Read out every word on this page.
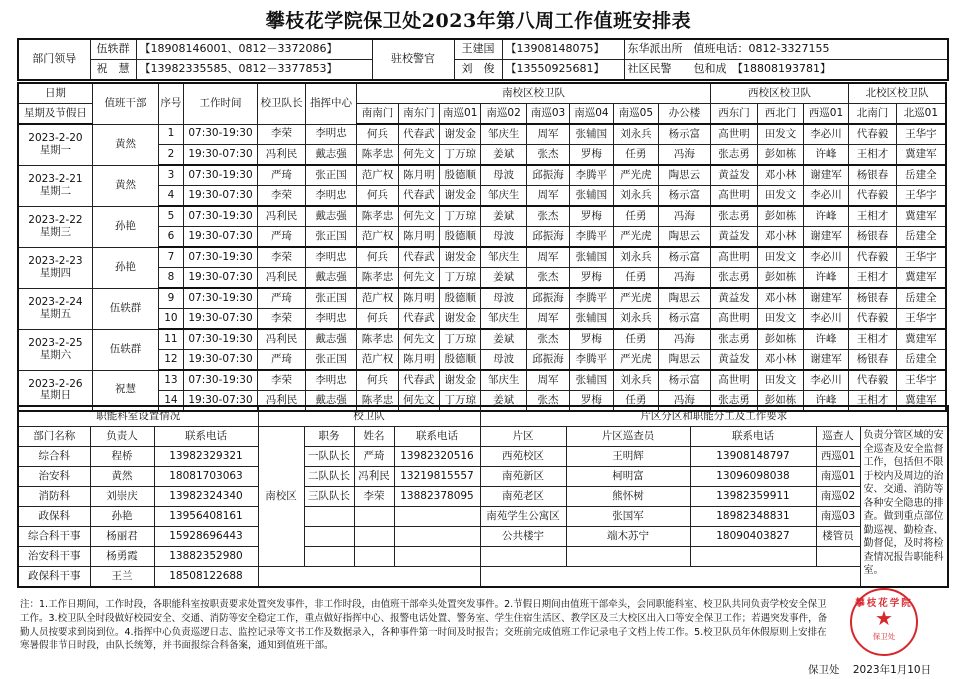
攀枝花学院保卫处2023年第八周工作值班安排表
部门领导	伍轶群	【18908146001、0812－3372086】	驻校警官	王建国	【13908148075】	东华派出所　值班电话：0812-3327155
	祝　慧	【13982335585、0812－3377853】		刘　俊	【13550925681】	社区民警　　包和成　【18808193781】
日期	值班干部	序号	工作时间	校卫队长	指挥中心	南校区校卫队								西校区校卫队			北校区校卫队	
星期及节假日						南南门	南东门	南巡01	南巡02	南巡03	南巡04	南巡05	办公楼	西东门	西北门	西巡01	北南门	北巡01

2023-2-20
星期一	黄然	1	07:30-19:30	李荣	李明忠	何兵	代春武	谢发金	邹庆生	周军	张辅国	刘永兵	杨示富	高世明	田发文	李必川	代春毅	王华宇
		2	19:30-07:30	冯利民	戴志强	陈孝忠	何先文	丁万琼	姜斌	张杰	罗梅	任勇	冯海	张志勇	彭如栋	许峰	王相才	冀建军

2023-2-21
星期二	黄然	3	07:30-19:30	严琦	张正国	范广权	陈月明	殷德顺	母波	邱振海	李腾平	严光虎	陶思云	黄益发	邓小林	谢建军	杨银春	岳建全
		4	19:30-07:30	李荣	李明忠	何兵	代春武	谢发金	邹庆生	周军	张辅国	刘永兵	杨示富	高世明	田发文	李必川	代春毅	王华宇

2023-2-22
星期三	孙艳	5	07:30-19:30	冯利民	戴志强	陈孝忠	何先文	丁万琼	姜斌	张杰	罗梅	任勇	冯海	张志勇	彭如栋	许峰	王相才	冀建军
		6	19:30-07:30	严琦	张正国	范广权	陈月明	殷德顺	母波	邱振海	李腾平	严光虎	陶思云	黄益发	邓小林	谢建军	杨银春	岳建全

2023-2-23
星期四	孙艳	7	07:30-19:30	李荣	李明忠	何兵	代春武	谢发金	邹庆生	周军	张辅国	刘永兵	杨示富	高世明	田发文	李必川	代春毅	王华宇
		8	19:30-07:30	冯利民	戴志强	陈孝忠	何先文	丁万琼	姜斌	张杰	罗梅	任勇	冯海	张志勇	彭如栋	许峰	王相才	冀建军

2023-2-24
星期五	伍轶群	9	07:30-19:30	严琦	张正国	范广权	陈月明	殷德顺	母波	邱振海	李腾平	严光虎	陶思云	黄益发	邓小林	谢建军	杨银春	岳建全
		10	19:30-07:30	李荣	李明忠	何兵	代春武	谢发金	邹庆生	周军	张辅国	刘永兵	杨示富	高世明	田发文	李必川	代春毅	王华宇

2023-2-25
星期六	伍轶群	11	07:30-19:30	冯利民	戴志强	陈孝忠	何先文	丁万琼	姜斌	张杰	罗梅	任勇	冯海	张志勇	彭如栋	许峰	王相才	冀建军
		12	19:30-07:30	严琦	张正国	范广权	陈月明	殷德顺	母波	邱振海	李腾平	严光虎	陶思云	黄益发	邓小林	谢建军	杨银春	岳建全

2023-2-26
星期日	祝慧	13	07:30-19:30	李荣	李明忠	何兵	代春武	谢发金	邹庆生	周军	张辅国	刘永兵	杨示富	高世明	田发文	李必川	代春毅	王华宇
		14	19:30-07:30	冯利民	戴志强	陈孝忠	何先文	丁万琼	姜斌	张杰	罗梅	任勇	冯海	张志勇	彭如栋	许峰	王相才	冀建军
职能科室设置情况			校卫队				片区分区和职能分工及工作要求				
部门名称	负责人	联系电话	南校区	职务	姓名	联系电话	片区	片区巡查员	联系电话	巡查人	负责分管区域的安全巡查及安全监督工作，包括但不限于校内及周边的治安、交通、消防等各种安全隐患的排查。做到重点部位勤巡视、勤检查、勤督促，及时将检查情况报告职能科室。
综合科	程桥	13982329321		一队队长	严琦	13982320516	西苑校区	王明辉	13908148797	西巡01	
治安科	黄然	18081703063		二队队长	冯利民	13219815557	南苑新区	柯明富	13096098038	南巡01	
消防科	刘崇庆	13982324340		三队队长	李荣	13882378095	南苑老区	熊怀树	13982359911	南巡02	
政保科	孙艳	13956408161					南苑学生公寓区	张国军	18982348831	南巡03	
综合科干事	杨丽君	15928696443					公共楼宇	端木苏宁	18090403827	楼管员	
治安科干事	杨勇霞	13882352980									
政保科干事	王兰	18508122688									
注：1.工作日期间，工作时段，各职能科室按职责要求处置突发事件，非工作时段，由值班干部牵头处置突发事件。2.节假日期间由值班干部牵头，会同职能科室、校卫队共同负责学校安全保卫工作。3.校卫队全时段做好校园安全、交通、消防等安全稳定工作，重点做好指挥中心、报警电话处置、警务室、学生住宿生活区、教学区及三大校区出入口等安全保卫工作；若遇突发事件，备勤人员按要求到岗到位。4.指挥中心负责巡逻日志、监控记录等文书工作及数据录入，各种事件第一时间及时报告；交班前完成值班工作记录电子文档上传工作。5.校卫队员年休假原则上安排在寒暑假非节日时段，由队长统筹，并书面报综合科备案，通知到值班干部。
攀枝花学院
★
保卫处
保卫处 2023年1月10日
